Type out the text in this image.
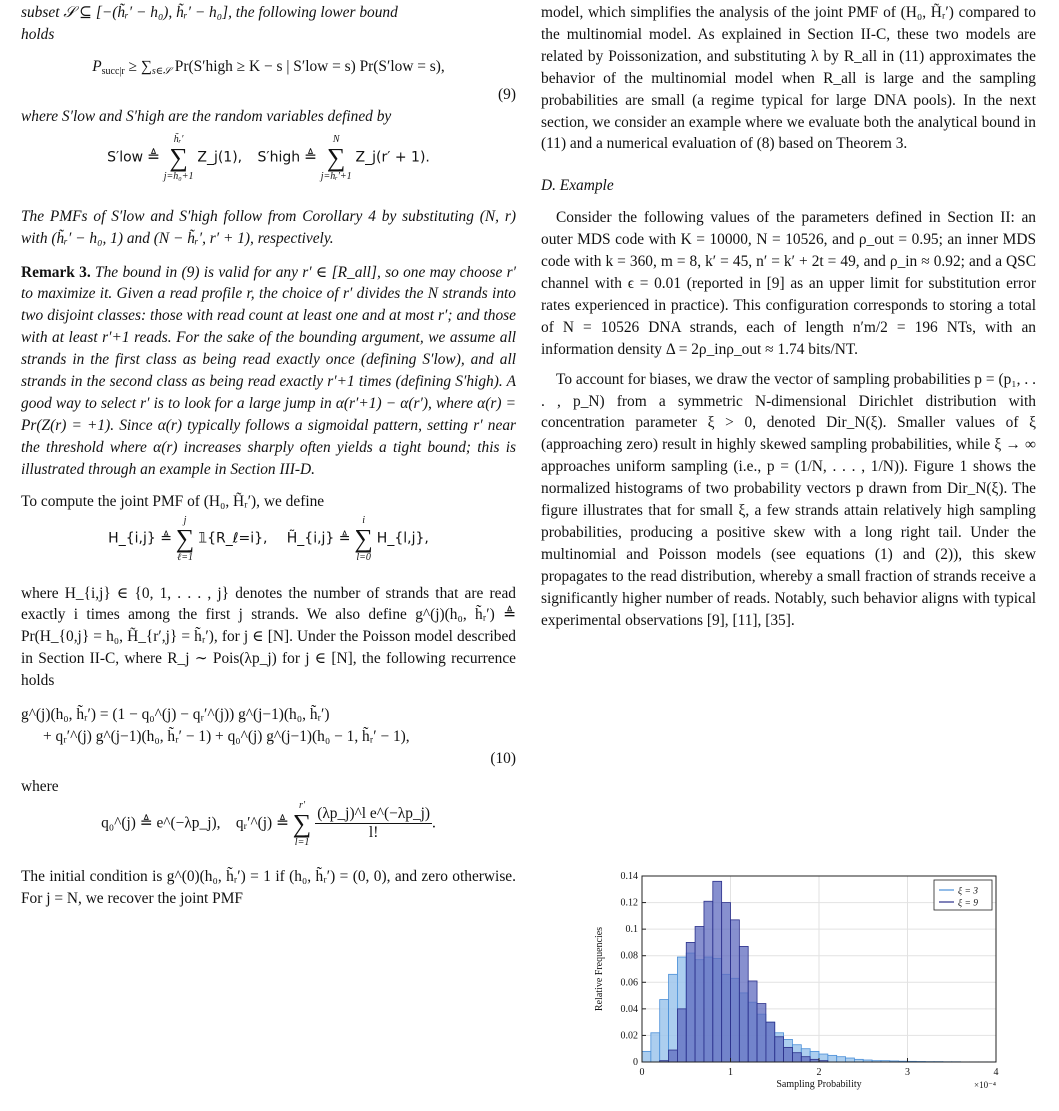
subset 𝒮 ⊆ [−(h̃ᵣ′ − h₀), h̃ᵣ′ − h₀], the following lower bound
holds

$P_{succ|r} \ge \sum_{s\in 𝒮}$ Pr(S′high ≥ K − s | S′low = s) Pr(S′low = s),
(9)

where S′low and S′high are the random variables defined by

S′low ≜
h̃ᵣ′
∑
j=h₀+1
Z_j(1), S′high ≜
N
∑
j=h̃ᵣ′+1
Z_j(r′ + 1).

The PMFs of S′low and S′high follow from Corollary 4 by substituting (N, r) with (h̃ᵣ′ − h₀, 1) and (N − h̃ᵣ′, r′ + 1), respectively.

Remark 3. The bound in (9) is valid for any r′ ∈ [R_all], so one may choose r′ to maximize it. Given a read profile r, the choice of r′ divides the N strands into two disjoint classes: those with read count at least one and at most r′; and those with at least r′+1 reads. For the sake of the bounding argument, we assume all strands in the first class as being read exactly once (defining S′low), and all strands in the second class as being read exactly r′+1 times (defining S′high). A good way to select r′ is to look for a large jump in α(r′+1) − α(r′), where α(r) = Pr(Z(r) = +1). Since α(r) typically follows a sigmoidal pattern, setting r′ near the threshold where α(r) increases sharply often yields a tight bound; this is illustrated through an example in Section III-D.

To compute the joint PMF of (H₀, H̃ᵣ′), we define

H_{i,j} ≜
j
∑
ℓ=1
𝟙{R_ℓ=i}, H̃_{i,j} ≜
i
∑
l=0
H_{l,j},

where H_{i,j} ∈ {0, 1, . . . , j} denotes the number of strands that are read exactly i times among the first j strands. We also define g^(j)(h₀, h̃ᵣ′) ≜ Pr(H_{0,j} = h₀, H̃_{r′,j} = h̃ᵣ′), for j ∈ [N]. Under the Poisson model described in Section II-C, where R_j ∼ Pois(λp_j) for j ∈ [N], the following recurrence holds

g^(j)(h₀, h̃ᵣ′) = (1 − q₀^(j) − qᵣ′^(j)) g^(j−1)(h₀, h̃ᵣ′)
+ qᵣ′^(j) g^(j−1)(h₀, h̃ᵣ′ − 1) + q₀^(j) g^(j−1)(h₀ − 1, h̃ᵣ′ − 1),
(10)

where

q₀^(j) ≜ e^(−λp_j), qᵣ′^(j) ≜
r′
∑
l=1
$\frac{\text{(λp\_j)\textasciicircum{}l e\textasciicircum{}(−λp\_j)}}{l!}$ .

The initial condition is g^(0)(h₀, h̃ᵣ′) = 1 if (h₀, h̃ᵣ′) = (0, 0), and zero otherwise. For j = N, we recover the joint PMF

model, which simplifies the analysis of the joint PMF of (H₀, H̃ᵣ′) compared to the multinomial model. As explained in Section II-C, these two models are related by Poissonization, and substituting λ by R_all in (11) approximates the behavior of the multinomial model when R_all is large and the sampling probabilities are small (a regime typical for large DNA pools). In the next section, we consider an example where we evaluate both the analytical bound in (11) and a numerical evaluation of (8) based on Theorem 3.

D. Example

Consider the following values of the parameters defined in Section II: an outer MDS code with K = 10000, N = 10526, and ρ_out = 0.95; an inner MDS code with k = 360, m = 8, k′ = 45, n′ = k′ + 2t = 49, and ρ_in ≈ 0.92; and a QSC channel with ϵ = 0.01 (reported in [9] as an upper limit for substitution error rates experienced in practice). This configuration corresponds to storing a total of N = 10526 DNA strands, each of length n′m/2 = 196 NTs, with an information density Δ = 2ρ_inρ_out ≈ 1.74 bits/NT.

To account for biases, we draw the vector of sampling probabilities p = (p₁, . . . , p_N) from a symmetric N-dimensional Dirichlet distribution with concentration parameter ξ > 0, denoted Dir_N(ξ). Smaller values of ξ (approaching zero) result in highly skewed sampling probabilities, while ξ → ∞ approaches uniform sampling (i.e., p = (1/N, . . . , 1/N)). Figure 1 shows the normalized histograms of two probability vectors p drawn from Dir_N(ξ). The figure illustrates that for small ξ, a few strands attain relatively high sampling probabilities, producing a positive skew with a long right tail. Under the multinomial and Poisson models (see equations (1) and (2)), this skew propagates to the read distribution, whereby a small fraction of strands receive a significantly higher number of reads. Notably, such behavior aligns with typical experimental observations [9], [11], [35].

0	1	2	3	4
0
0.02
0.04
0.06
0.08
0.1
0.12
0.14
Sampling Probability	×10⁻⁴
Relative Frequencies
ξ = 3
ξ = 9
